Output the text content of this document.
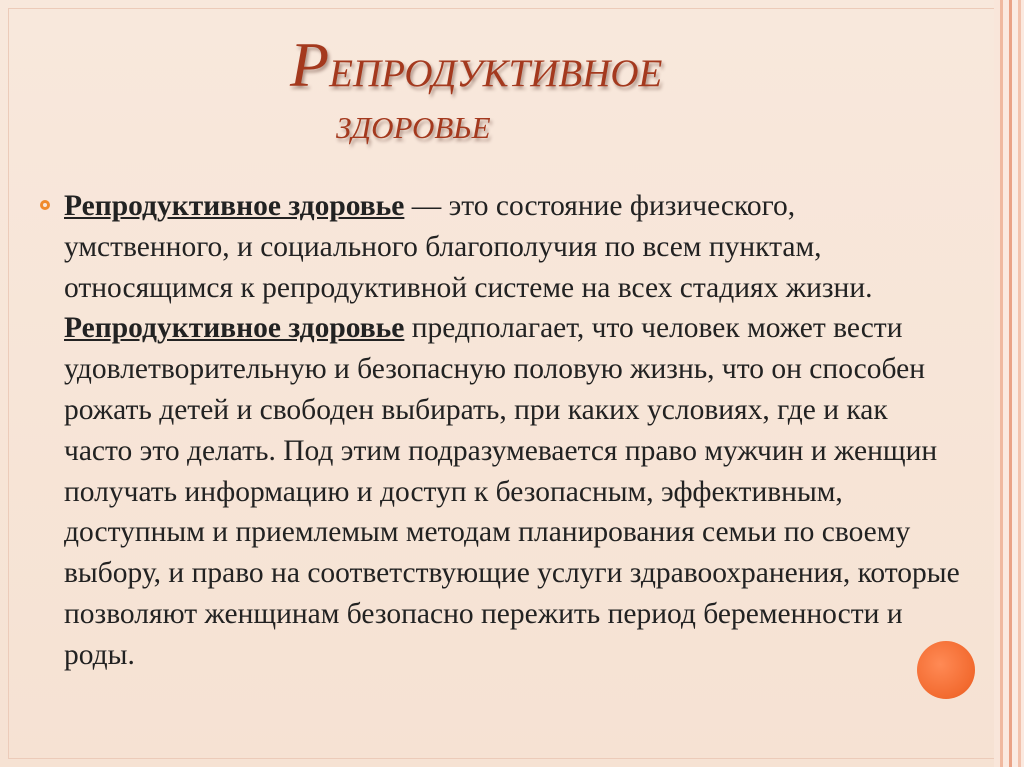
Репродуктивное
здоровье

Репродуктивное здоровье — это состояние физического, умственного, и социального благополучия по всем пунктам, относящимся к репродуктивной системе на всех стадиях жизни. Репродуктивное здоровье предполагает, что человек может вести удовлетворительную и безопасную половую жизнь, что он способен рожать детей и свободен выбирать, при каких условиях, где и как часто это делать. Под этим подразумевается право мужчин и женщин получать информацию и доступ к безопасным, эффективным, доступным и приемлемым методам планирования семьи по своему выбору, и право на соответствующие услуги здравоохранения, которые позволяют женщинам безопасно пережить период беременности и роды.
